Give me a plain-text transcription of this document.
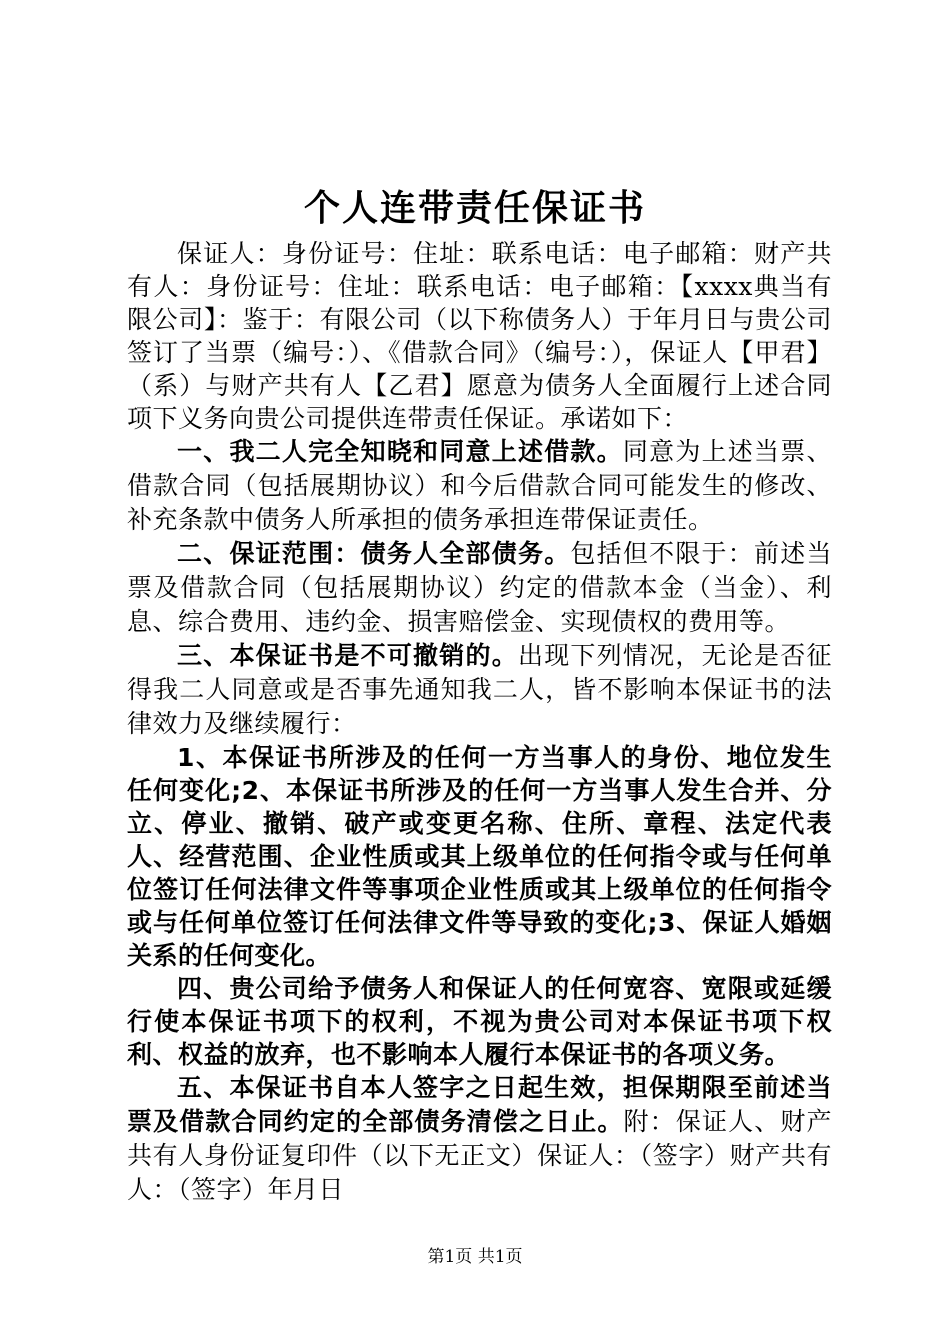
个人连带责任保证书

保证人：身份证号：住址：联系电话：电子邮箱：财产共有人：身份证号：住址：联系电话：电子邮箱：【xxxx典当有限公司】：鉴于：有限公司（以下称债务人）于年月日与贵公司签订了当票（编号：）、《借款合同》（编号：），保证人【甲君】（系）与财产共有人【乙君】愿意为债务人全面履行上述合同项下义务向贵公司提供连带责任保证。承诺如下：

一、我二人完全知晓和同意上述借款。同意为上述当票、借款合同（包括展期协议）和今后借款合同可能发生的修改、补充条款中债务人所承担的债务承担连带保证责任。

二、保证范围：债务人全部债务。包括但不限于：前述当票及借款合同（包括展期协议）约定的借款本金（当金）、利息、综合费用、违约金、损害赔偿金、实现债权的费用等。

三、本保证书是不可撤销的。出现下列情况，无论是否征得我二人同意或是否事先通知我二人，皆不影响本保证书的法律效力及继续履行：

1、本保证书所涉及的任何一方当事人的身份、地位发生任何变化;2、本保证书所涉及的任何一方当事人发生合并、分立、停业、撤销、破产或变更名称、住所、章程、法定代表人、经营范围、企业性质或其上级单位的任何指令或与任何单位签订任何法律文件等事项企业性质或其上级单位的任何指令或与任何单位签订任何法律文件等导致的变化;3、保证人婚姻关系的任何变化。

四、贵公司给予债务人和保证人的任何宽容、宽限或延缓行使本保证书项下的权利，不视为贵公司对本保证书项下权利、权益的放弃，也不影响本人履行本保证书的各项义务。

五、本保证书自本人签字之日起生效，担保期限至前述当票及借款合同约定的全部债务清偿之日止。附：保证人、财产共有人身份证复印件（以下无正文）保证人：（签字）财产共有人：（签字）年月日

第1页 共1页
